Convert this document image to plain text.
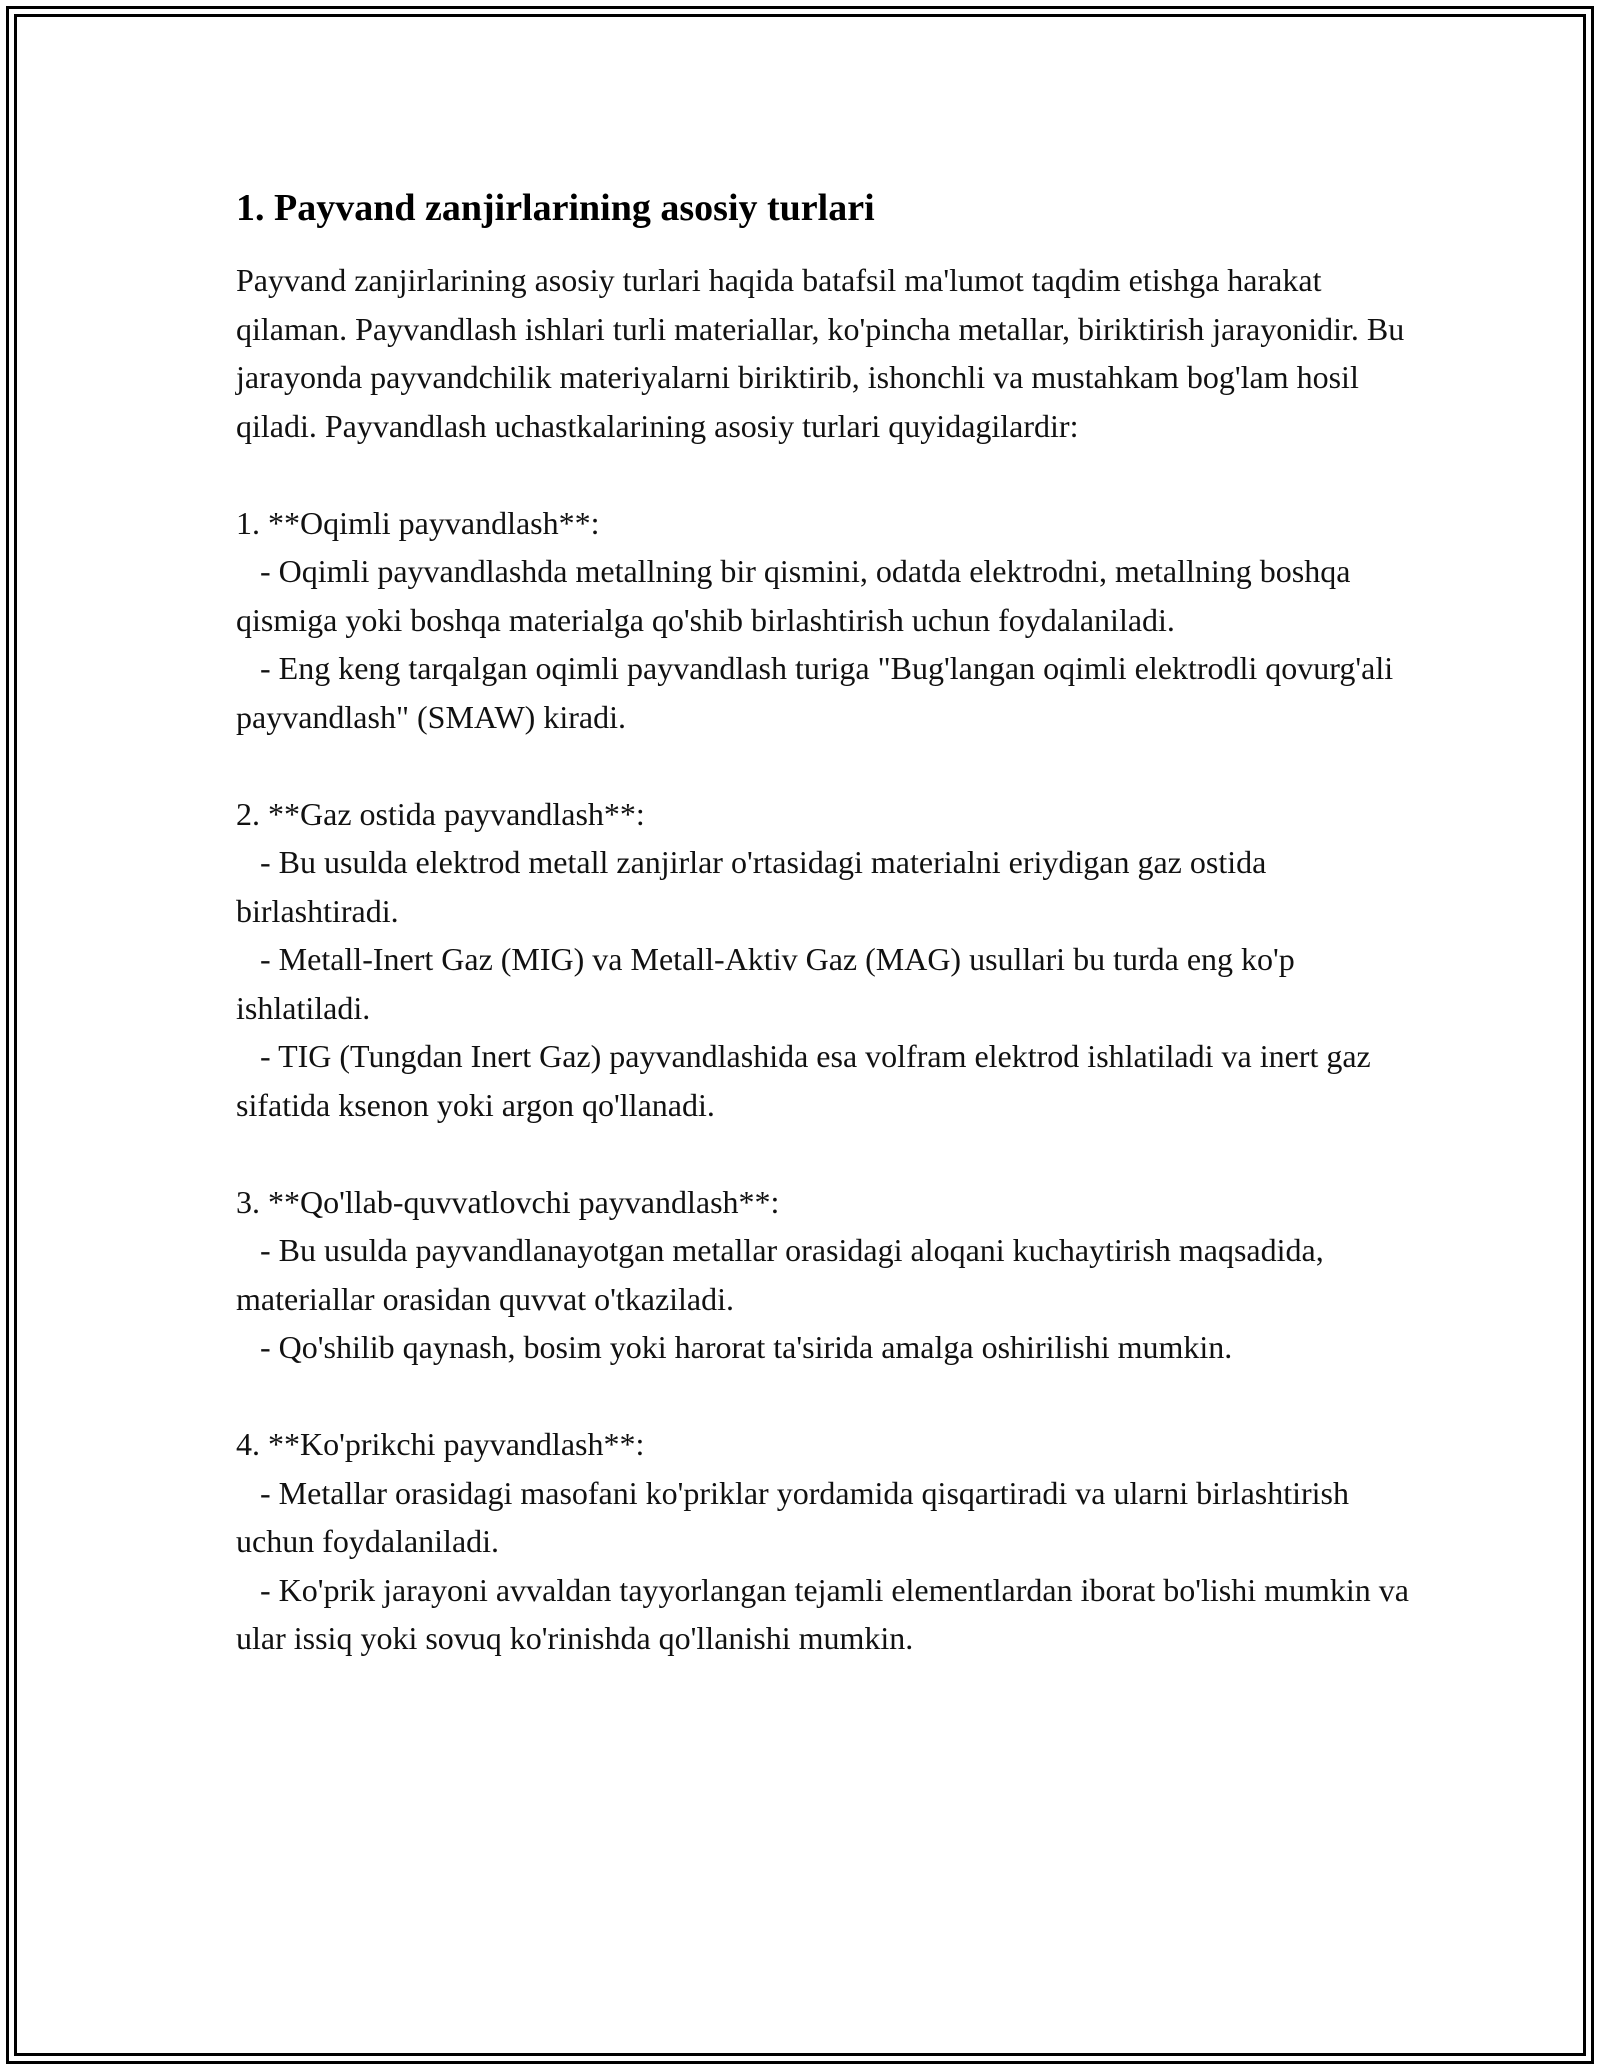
1. Payvand zanjirlarining asosiy turlari

Payvand zanjirlarining asosiy turlari haqida batafsil ma'lumot taqdim etishga harakat qilaman. Payvandlash ishlari turli materiallar, ko'pincha metallar, biriktirish jarayonidir. Bu jarayonda payvandchilik materiyalarni biriktirib, ishonchli va mustahkam bog'lam hosil qiladi. Payvandlash uchastkalarining asosiy turlari quyidagilardir:

1. **Oqimli payvandlash**:
- Oqimli payvandlashda metallning bir qismini, odatda elektrodni, metallning boshqa qismiga yoki boshqa materialga qo'shib birlashtirish uchun foydalaniladi.
- Eng keng tarqalgan oqimli payvandlash turiga "Bug'langan oqimli elektrodli qovurg'ali payvandlash" (SMAW) kiradi.
2. **Gaz ostida payvandlash**:
- Bu usulda elektrod metall zanjirlar o'rtasidagi materialni eriydigan gaz ostida birlashtiradi.
- Metall-Inert Gaz (MIG) va Metall-Aktiv Gaz (MAG) usullari bu turda eng ko'p ishlatiladi.
- TIG (Tungdan Inert Gaz) payvandlashida esa volfram elektrod ishlatiladi va inert gaz sifatida ksenon yoki argon qo'llanadi.
3. **Qo'llab-quvvatlovchi payvandlash**:
- Bu usulda payvandlanayotgan metallar orasidagi aloqani kuchaytirish maqsadida, materiallar orasidan quvvat o'tkaziladi.
- Qo'shilib qaynash, bosim yoki harorat ta'sirida amalga oshirilishi mumkin.
4. **Ko'prikchi payvandlash**:
- Metallar orasidagi masofani ko'priklar yordamida qisqartiradi va ularni birlashtirish uchun foydalaniladi.
- Ko'prik jarayoni avvaldan tayyorlangan tejamli elementlardan iborat bo'lishi mumkin va ular issiq yoki sovuq ko'rinishda qo'llanishi mumkin.
